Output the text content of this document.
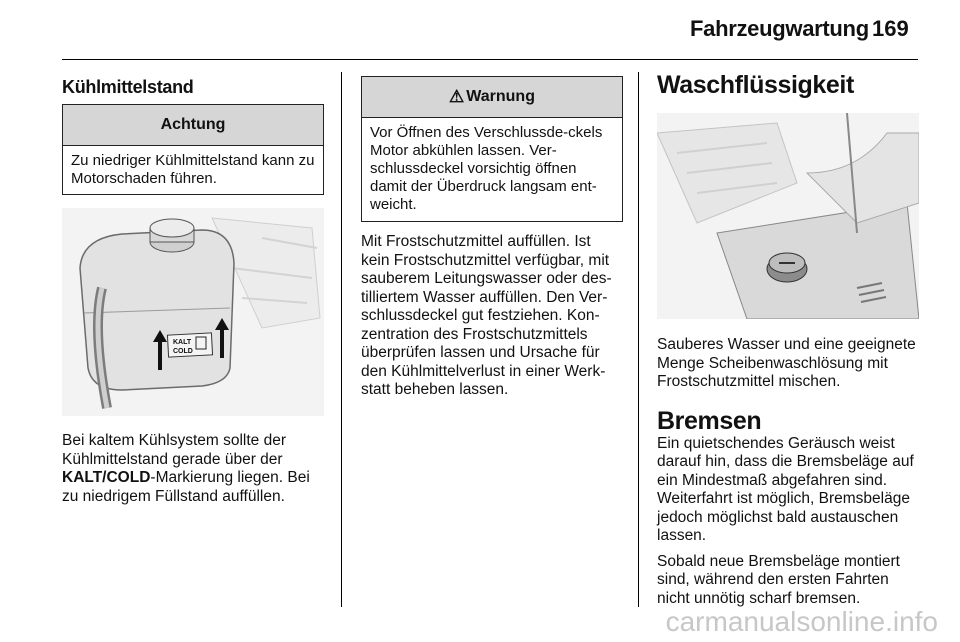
Fahrzeugwartung 169
Kühlmittelstand
Achtung
Zu niedriger Kühlmittelstand kann zu Motorschaden führen.
KALT
COLD

Bei kaltem Kühlsystem sollte der Kühlmittelstand gerade über der KALT/COLD-Markierung liegen. Bei zu niedrigem Füllstand auffüllen.

⚠ Warnung
Vor Öffnen des Verschlussde-ckels Motor abkühlen lassen. Ver-schlussdeckel vorsichtig öffnen damit der Überdruck langsam ent-weicht.

Mit Frostschutzmittel auffüllen. Ist kein Frostschutzmittel verfügbar, mit sauberem Leitungswasser oder des-tilliertem Wasser auffüllen. Den Ver-schlussdeckel gut festziehen. Kon-zentration des Frostschutzmittels überprüfen lassen und Ursache für den Kühlmittelverlust in einer Werk-statt beheben lassen.

Waschflüssigkeit

Sauberes Wasser und eine geeignete Menge Scheibenwaschlösung mit Frostschutzmittel mischen.

Bremsen

Ein quietschendes Geräusch weist darauf hin, dass die Bremsbeläge auf ein Mindestmaß abgefahren sind. Weiterfahrt ist möglich, Bremsbeläge jedoch möglichst bald austauschen lassen.

Sobald neue Bremsbeläge montiert sind, während den ersten Fahrten nicht unnötig scharf bremsen.

carmanualsonline.info
